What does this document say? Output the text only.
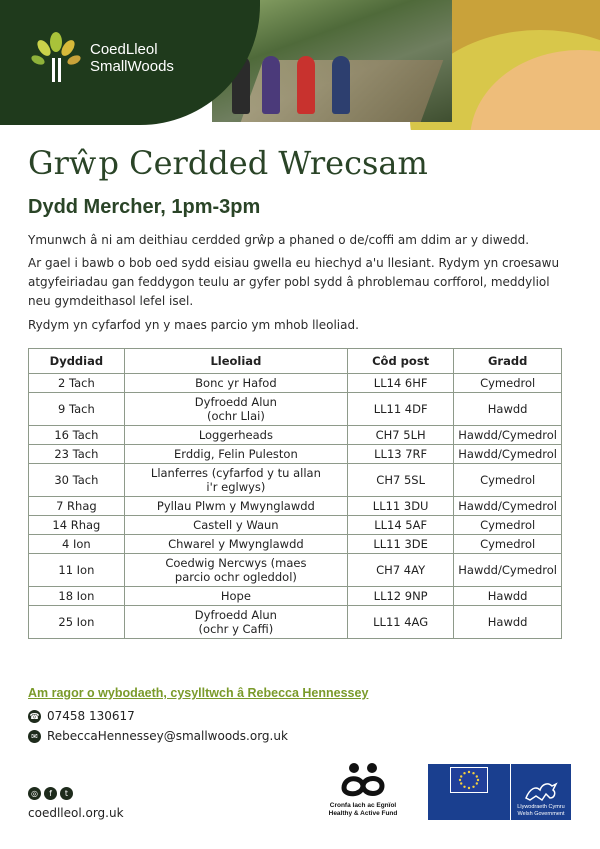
CoedLleol
SmallWoods
Grŵp Cerdded Wrecsam
Dydd Mercher, 1pm-3pm

Ymunwch â ni am deithiau cerdded grŵp a phaned o de/coffi am ddim ar y diwedd.

Ar gael i bawb o bob oed sydd eisiau gwella eu hiechyd a'u llesiant. Rydym yn croesawu atgyfeiriadau gan feddygon teulu ar gyfer pobl sydd â phroblemau corfforol, meddyliol neu gymdeithasol lefel isel.

Rydym yn cyfarfod yn y maes parcio ym mhob lleoliad.

Dyddiad	Lleoliad	Côd post	Gradd
2 Tach	Bonc yr Hafod	LL14 6HF	Cymedrol
9 Tach	Dyfroedd Alun
(ochr Llai)	LL11 4DF	Hawdd
16 Tach	Loggerheads	CH7 5LH	Hawdd/Cymedrol
23 Tach	Erddig, Felin Puleston	LL13 7RF	Hawdd/Cymedrol
30 Tach	Llanferres (cyfarfod y tu allan
i'r eglwys)	CH7 5SL	Cymedrol
7 Rhag	Pyllau Plwm y Mwynglawdd	LL11 3DU	Hawdd/Cymedrol
14 Rhag	Castell y Waun	LL14 5AF	Cymedrol
4 Ion	Chwarel y Mwynglawdd	LL11 3DE	Cymedrol
11 Ion	Coedwig Nercwys (maes
parcio ochr ogleddol)	CH7 4AY	Hawdd/Cymedrol
18 Ion	Hope	LL12 9NP	Hawdd
25 Ion	Dyfroedd Alun
(ochr y Caffi)	LL11 4AG	Hawdd
Am ragor o wybodaeth, cysylltwch â Rebecca Hennessey
☎ 07458 130617
✉ RebeccaHennessey@smallwoods.org.uk
◎	f	t
coedlleol.org.uk
Cronfa Iach ac Egnïol
Healthy & Active Fund
Llywodraeth Cymru
Welsh Government
